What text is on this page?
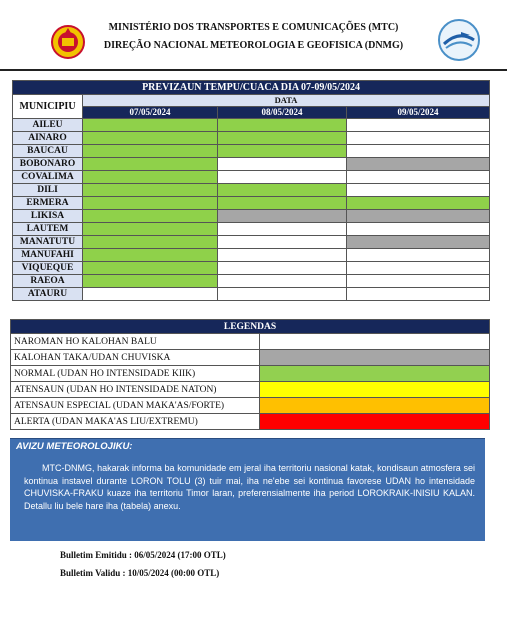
MINISTÉRIO DOS TRANSPORTES E COMUNICAÇÕES (MTC)
DIREÇÃO NACIONAL METEOROLOGIA E GEOFISICA (DNMG)
PREVIZAUN TEMPU/CUACA DIA 07-09/05/2024			
MUNICIPIU	DATA		
	07/05/2024	08/05/2024	09/05/2024
AILEU			
AINARO			
BAUCAU			
BOBONARO			
COVALIMA			
DILI			
ERMERA			
LIKISA			
LAUTEM			
MANATUTU			
MANUFAHI			
VIQUEQUE			
RAEOA			
ATAURU			
LEGENDAS	
NAROMAN HO KALOHAN BALU	
KALOHAN TAKA/UDAN CHUVISKA	
NORMAL (UDAN HO INTENSIDADE KIIK)	
ATENSAUN (UDAN HO INTENSIDADE NATON)	
ATENSAUN ESPECIAL (UDAN MAKA'AS/FORTE)	
ALERTA (UDAN MAKA'AS LIU/EXTREMU)	
AVIZU METEOROLOJIKU:
MTC-DNMG, hakarak informa ba komunidade em jeral iha territoriu nasional katak, kondisaun atmosfera sei kontinua instavel durante LORON TOLU (3) tuir mai, iha ne'ebe sei kontinua favorese UDAN ho intensidade CHUVISKA-FRAKU kuaze iha territoriu Timor laran, preferensialmente iha period LOROKRAIK-INISIU KALAN. Detallu liu bele hare iha (tabela) anexu.
Bulletim Emitidu : 06/05/2024 (17:00 OTL)
Bulletim Validu : 10/05/2024 (00:00 OTL)
